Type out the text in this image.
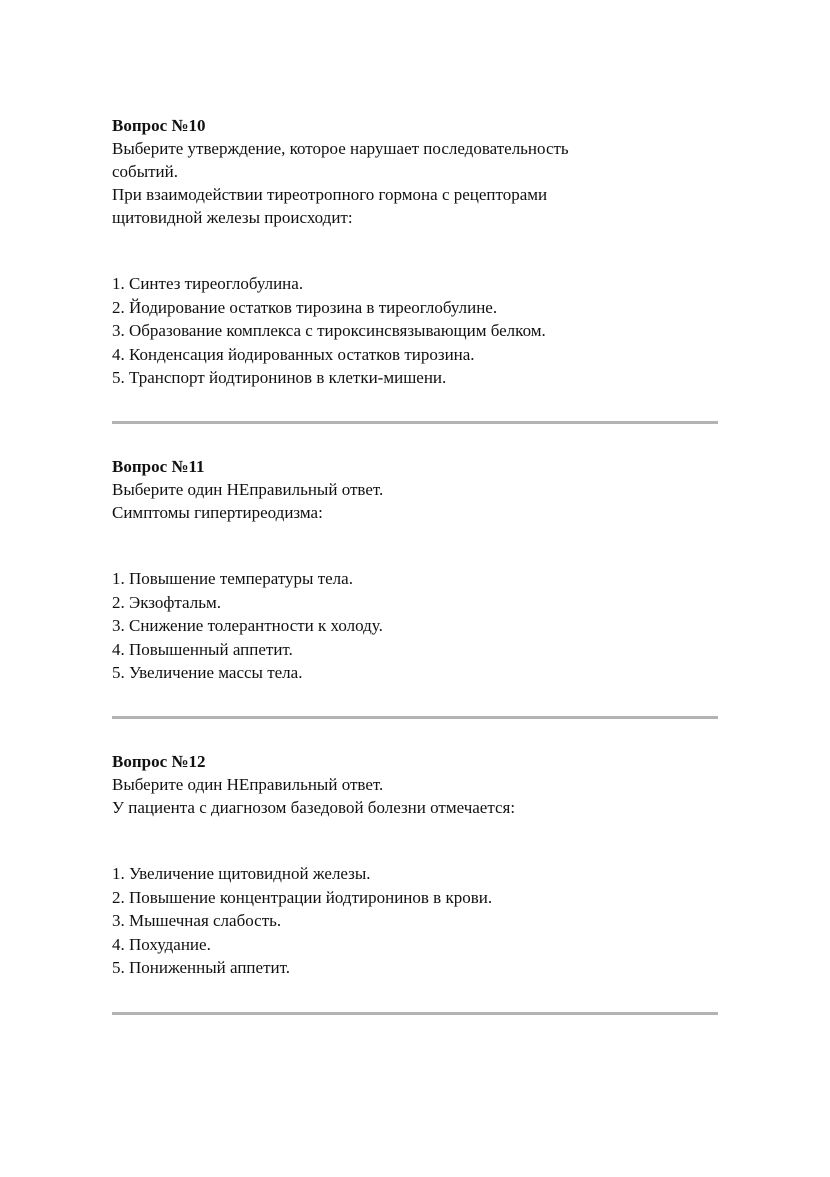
Вопрос №10

Выберите утверждение, которое нарушает последовательность

событий.

При взаимодействии тиреотропного гормона с рецепторами

щитовидной железы происходит:

1. Синтез тиреоглобулина.
2. Йодирование остатков тирозина в тиреоглобулине.
3. Образование комплекса с тироксинсвязывающим белком.
4. Конденсация йодированных остатков тирозина.
5. Транспорт йодтиронинов в клетки-мишени.

Вопрос №11

Выберите один НЕправильный ответ.

Симптомы гипертиреодизма:

1. Повышение температуры тела.
2. Экзофтальм.
3. Снижение толерантности к холоду.
4. Повышенный аппетит.
5. Увеличение массы тела.

Вопрос №12

Выберите один НЕправильный ответ.

У пациента с диагнозом базедовой болезни отмечается:

1. Увеличение щитовидной железы.
2. Повышение концентрации йодтиронинов в крови.
3. Мышечная слабость.
4. Похудание.
5. Пониженный аппетит.
